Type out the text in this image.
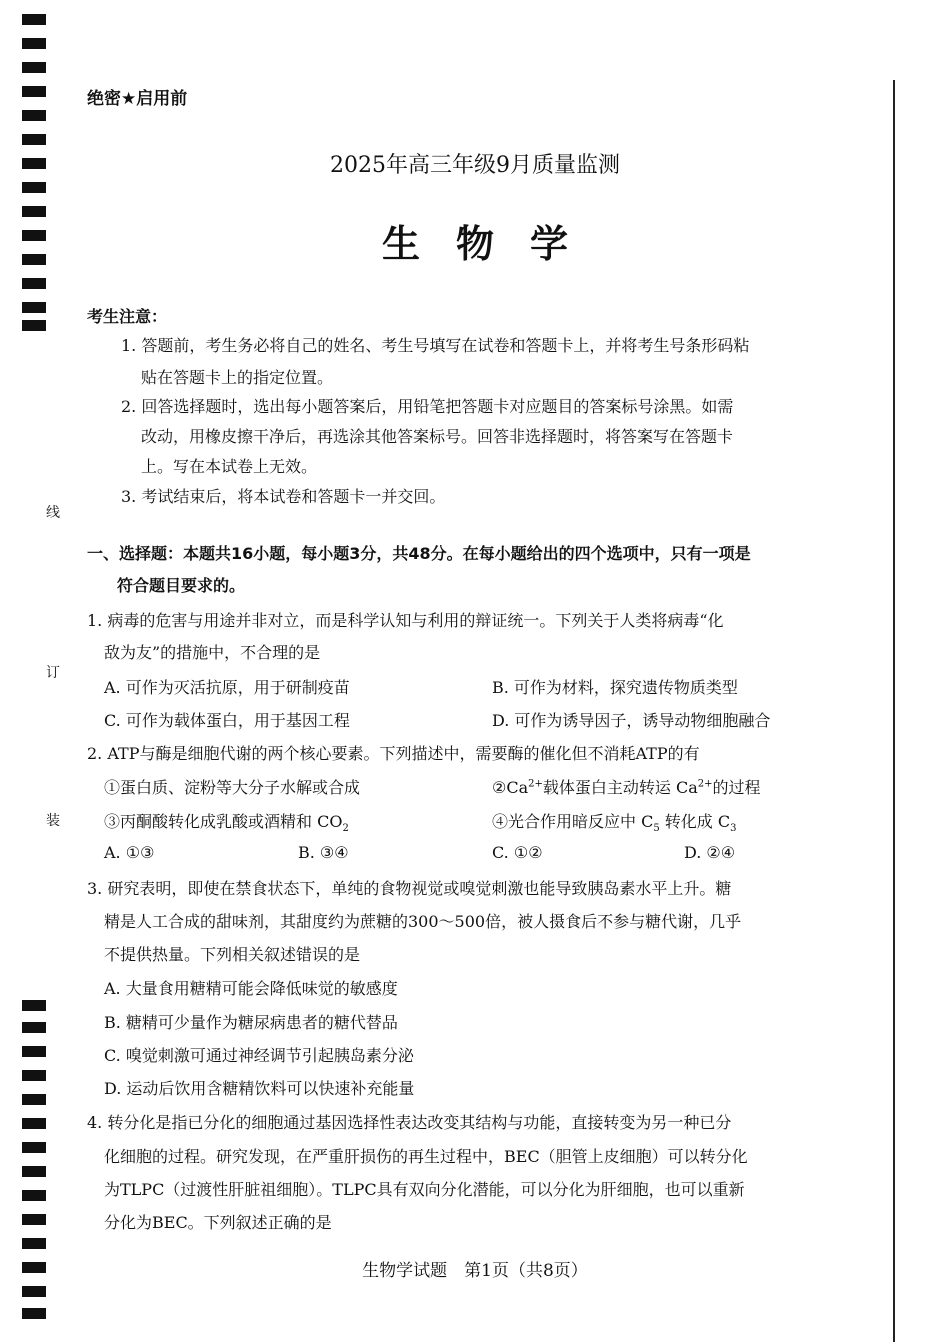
线
订
装
绝密★启用前
2025年高三年级9月质量监测
生物学
考生注意：
1. 答题前，考生务必将自己的姓名、考生号填写在试卷和答题卡上，并将考生号条形码粘
贴在答题卡上的指定位置。
2. 回答选择题时，选出每小题答案后，用铅笔把答题卡对应题目的答案标号涂黑。如需
改动，用橡皮擦干净后，再选涂其他答案标号。回答非选择题时，将答案写在答题卡
上。写在本试卷上无效。
3. 考试结束后，将本试卷和答题卡一并交回。
一、选择题：本题共16小题，每小题3分，共48分。在每小题给出的四个选项中，只有一项是
符合题目要求的。
1. 病毒的危害与用途并非对立，而是科学认知与利用的辩证统一。下列关于人类将病毒“化
敌为友”的措施中，不合理的是
A. 可作为灭活抗原，用于研制疫苗	B. 可作为材料，探究遗传物质类型
C. 可作为载体蛋白，用于基因工程	D. 可作为诱导因子，诱导动物细胞融合
2. ATP与酶是细胞代谢的两个核心要素。下列描述中，需要酶的催化但不消耗ATP的有
①蛋白质、淀粉等大分子水解或合成	$②Ca^{2+}$载体蛋白主动转运 $Ca^{2+}$的过程
③丙酮酸转化成乳酸或酒精和 $CO_2$	④光合作用暗反应中 $C_5$ 转化成 $C_3$
A. ①③	B. ③④	C. ①②	D. ②④
3. 研究表明，即使在禁食状态下，单纯的食物视觉或嗅觉刺激也能导致胰岛素水平上升。糖
精是人工合成的甜味剂，其甜度约为蔗糖的300～500倍，被人摄食后不参与糖代谢，几乎
不提供热量。下列相关叙述错误的是
A. 大量食用糖精可能会降低味觉的敏感度
B. 糖精可少量作为糖尿病患者的糖代替品
C. 嗅觉刺激可通过神经调节引起胰岛素分泌
D. 运动后饮用含糖精饮料可以快速补充能量
4. 转分化是指已分化的细胞通过基因选择性表达改变其结构与功能，直接转变为另一种已分
化细胞的过程。研究发现，在严重肝损伤的再生过程中，BEC（胆管上皮细胞）可以转分化
为TLPC（过渡性肝脏祖细胞）。TLPC具有双向分化潜能，可以分化为肝细胞，也可以重新
分化为BEC。下列叙述正确的是
生物学试题　第1页（共8页）
